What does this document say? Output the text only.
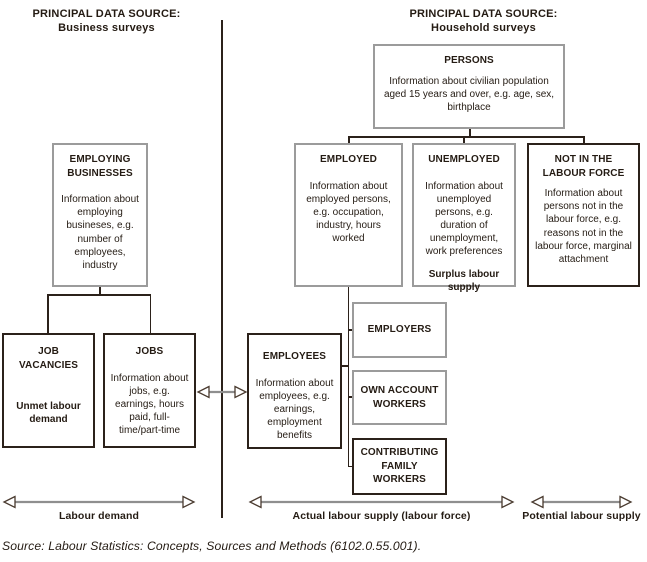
PRINCIPAL DATA SOURCE:
Business surveys
PRINCIPAL DATA SOURCE:
Household surveys
PERSONS
Information about civilian population aged 15 years and over, e.g. age, sex, birthplace
EMPLOYING BUSINESSES
Information about employing busineses, e.g. number of employees, industry
EMPLOYED
Information about employed persons, e.g. occupation, industry, hours worked
UNEMPLOYED
Information about unemployed persons, e.g. duration of unemployment, work preferences
Surplus labour supply
NOT IN THE LABOUR FORCE
Information about persons not in the labour force, e.g. reasons not in the labour force, marginal attachment
JOB VACANCIES
Unmet labour demand
JOBS
Information about jobs, e.g. earnings, hours paid, full-time/part-time
EMPLOYEES
Information about employees, e.g. earnings, employment benefits
EMPLOYERS
OWN ACCOUNT WORKERS
CONTRIBUTING FAMILY WORKERS
Labour demand	Actual labour supply (labour force)	Potential labour supply
Source: Labour Statistics: Concepts, Sources and Methods (6102.0.55.001).
